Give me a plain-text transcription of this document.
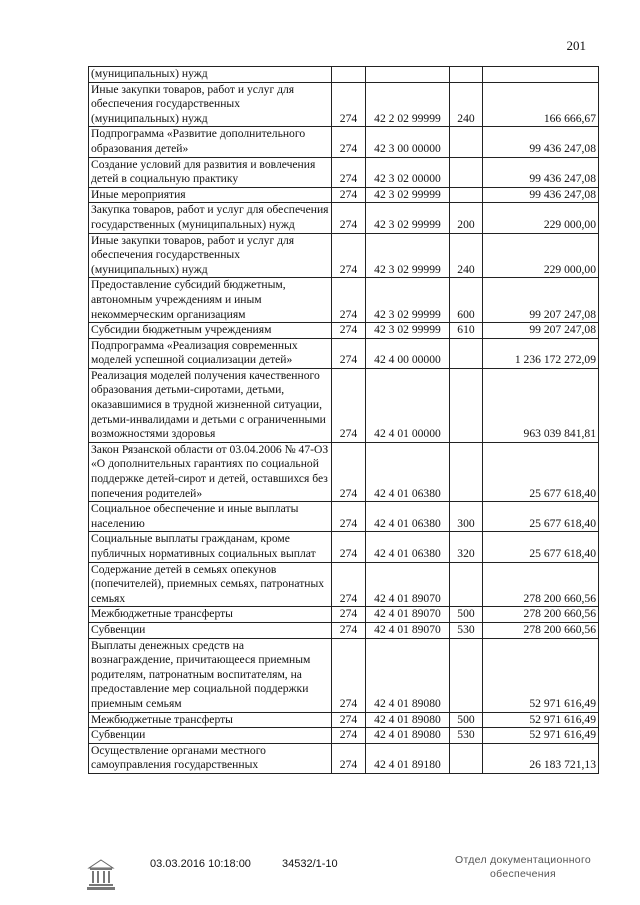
201
(муниципальных) нужд				
Иные закупки товаров, работ и услуг для обеспечения государственных (муниципальных) нужд	274	42 2 02 99999	240	166 666,67
Подпрограмма «Развитие дополнительного образования детей»	274	42 3 00 00000		99 436 247,08
Создание условий для развития и вовлечения детей в социальную практику	274	42 3 02 00000		99 436 247,08
Иные мероприятия	274	42 3 02 99999		99 436 247,08
Закупка товаров, работ и услуг для обеспечения государственных (муниципальных) нужд	274	42 3 02 99999	200	229 000,00
Иные закупки товаров, работ и услуг для обеспечения государственных (муниципальных) нужд	274	42 3 02 99999	240	229 000,00
Предоставление субсидий бюджетным, автономным учреждениям и иным некоммерческим организациям	274	42 3 02 99999	600	99 207 247,08
Субсидии бюджетным учреждениям	274	42 3 02 99999	610	99 207 247,08
Подпрограмма «Реализация современных моделей успешной социализации детей»	274	42 4 00 00000		1 236 172 272,09
Реализация моделей получения качественного образования детьми-сиротами, детьми, оказавшимися в трудной жизненной ситуации, детьми-инвалидами и детьми с ограниченными возможностями здоровья	274	42 4 01 00000		963 039 841,81
Закон Рязанской области от 03.04.2006 № 47-ОЗ «О дополнительных гарантиях по социальной поддержке детей-сирот и детей, оставшихся без попечения родителей»	274	42 4 01 06380		25 677 618,40
Социальное обеспечение и иные выплаты населению	274	42 4 01 06380	300	25 677 618,40
Социальные выплаты гражданам, кроме публичных нормативных социальных выплат	274	42 4 01 06380	320	25 677 618,40
Содержание детей в семьях опекунов (попечителей), приемных семьях, патронатных семьях	274	42 4 01 89070		278 200 660,56
Межбюджетные трансферты	274	42 4 01 89070	500	278 200 660,56
Субвенции	274	42 4 01 89070	530	278 200 660,56
Выплаты денежных средств на вознаграждение, причитающееся приемным родителям, патронатным воспитателям, на предоставление мер социальной поддержки приемным семьям	274	42 4 01 89080		52 971 616,49
Межбюджетные трансферты	274	42 4 01 89080	500	52 971 616,49
Субвенции	274	42 4 01 89080	530	52 971 616,49
Осуществление органами местного самоуправления государственных	274	42 4 01 89180		26 183 721,13
03.03.2016 10:18:00	34532/1-10	Отдел документационного
обеспечения
